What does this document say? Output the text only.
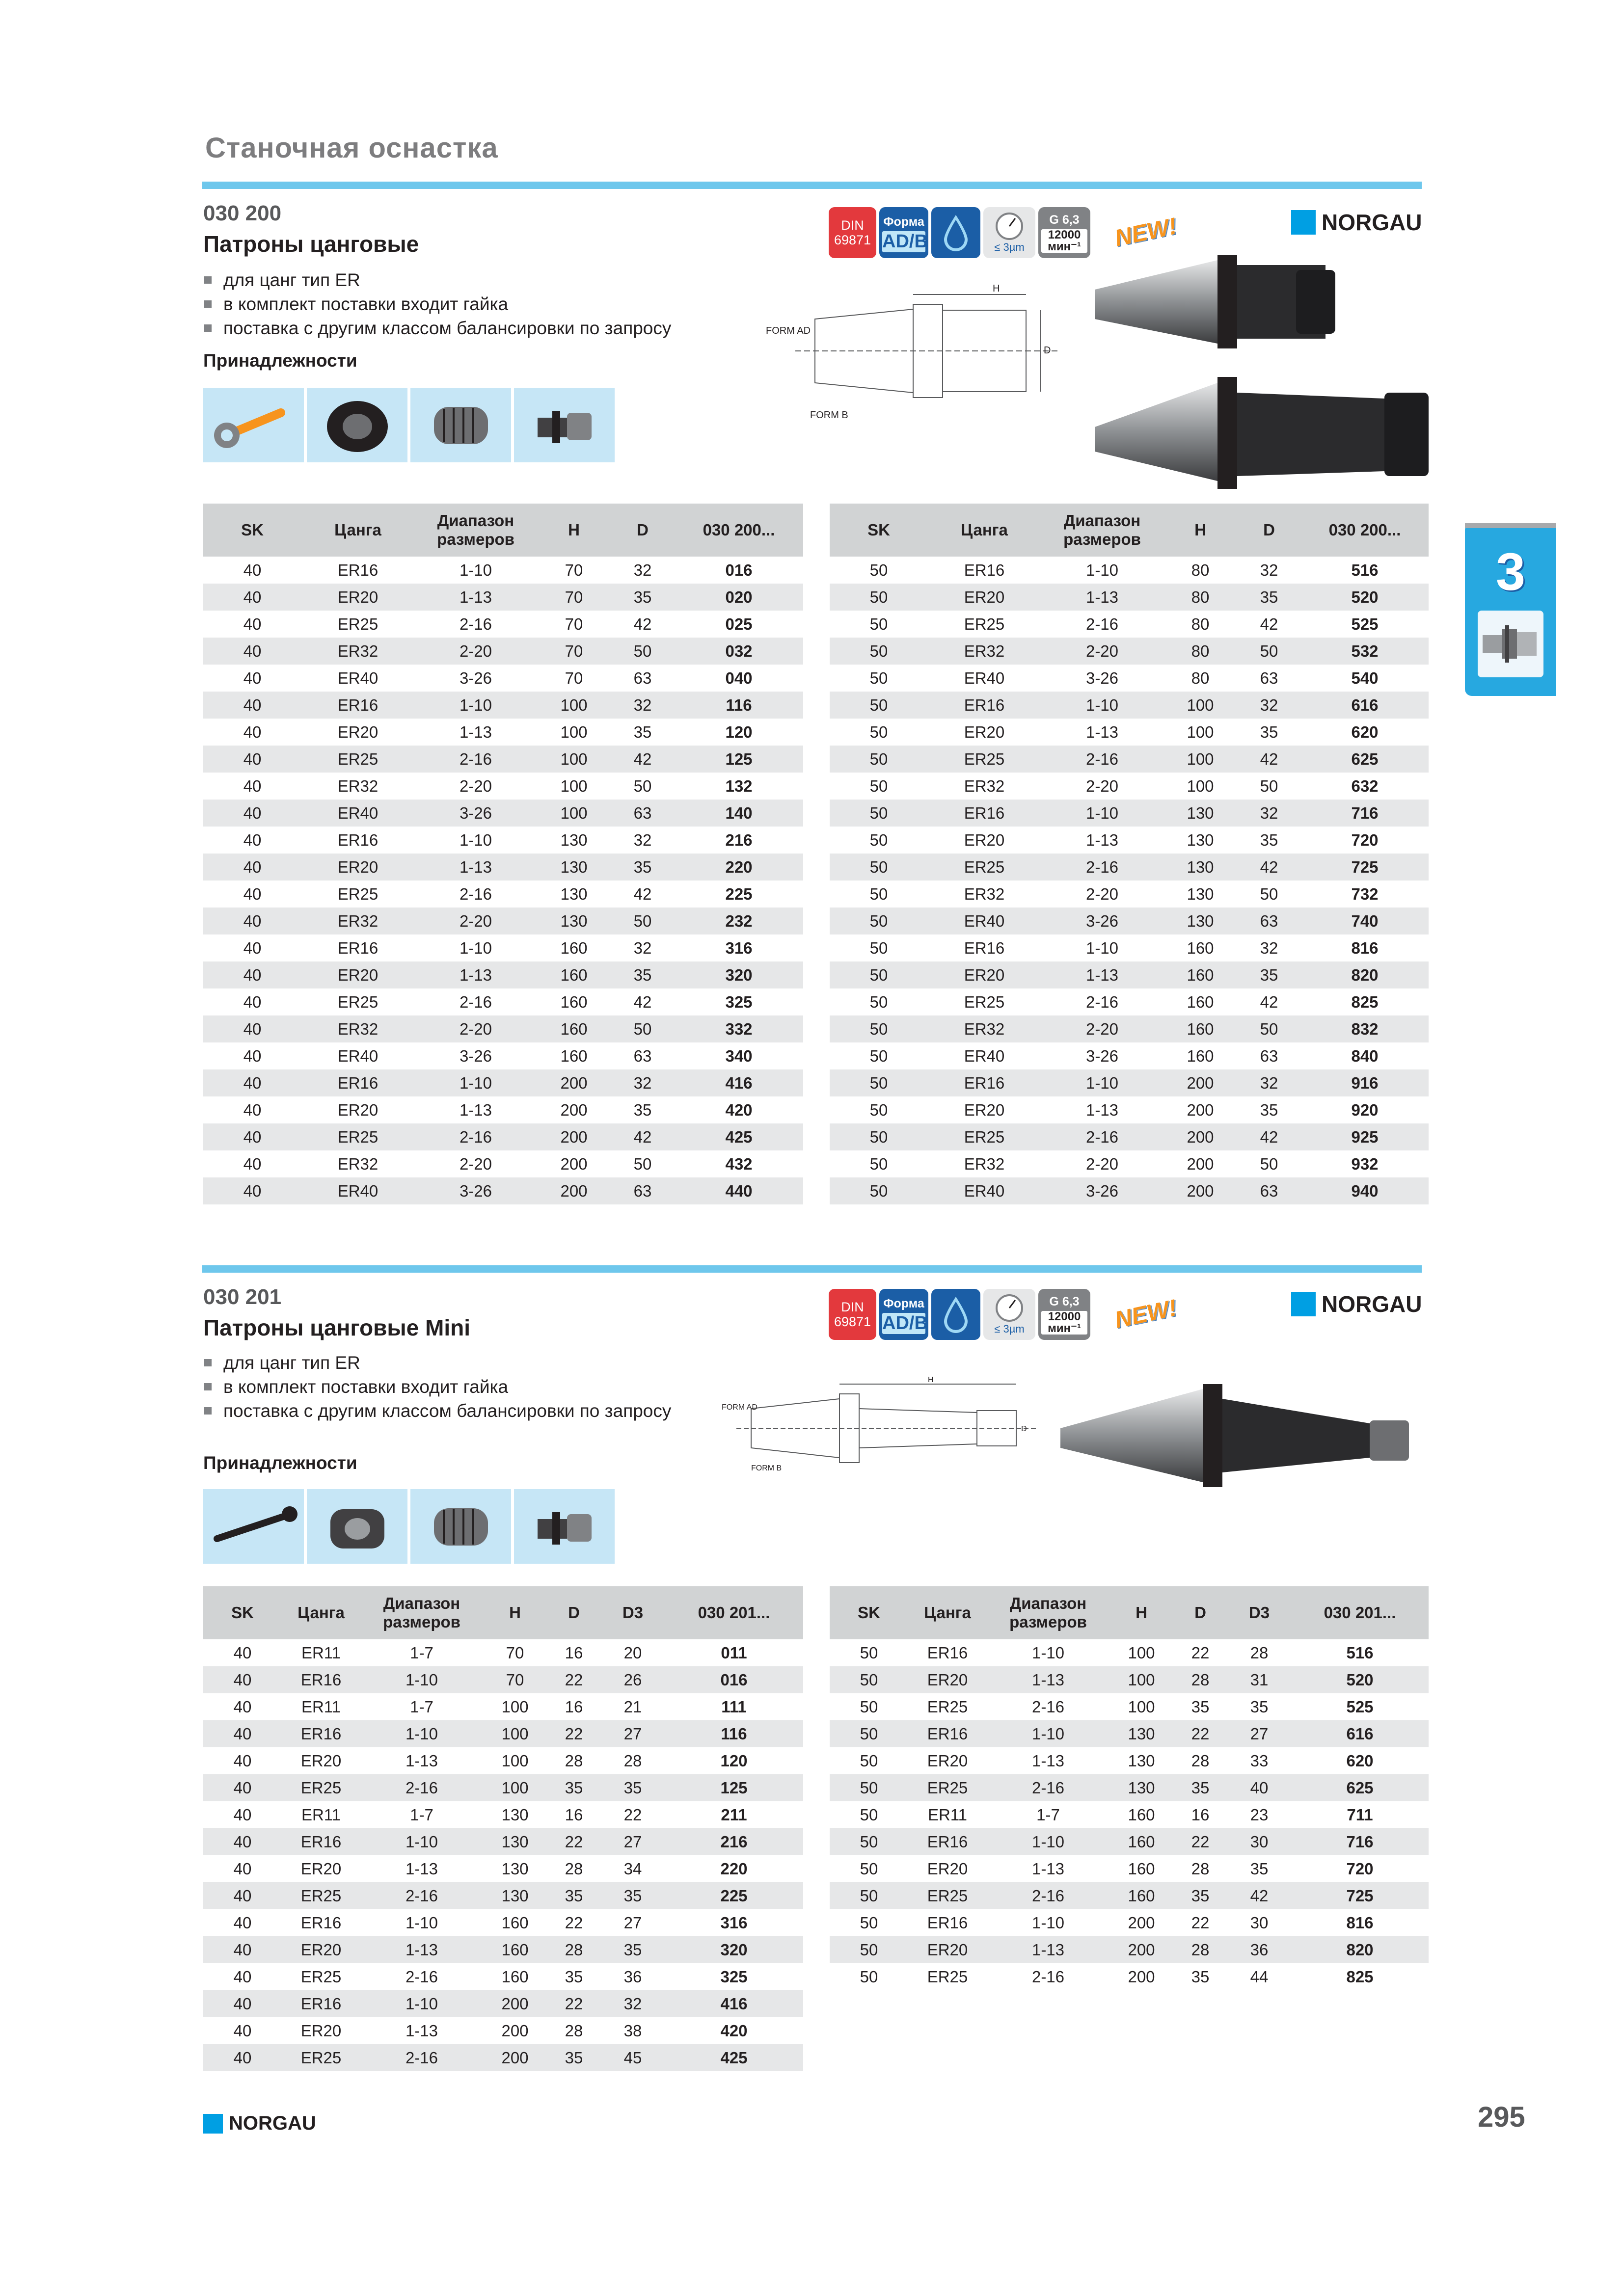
Станочная оснастка
3
030 200
Патроны цанговые
для цанг тип ER
в комплект поставки входит гайка
поставка с другим классом балансировки по запросу
Принадлежности
DIN
69871
Форма
AD/B	≤ 3µm
G 6,3
12000
мин⁻¹ NEW!	NORGAU
FORM AD
FORM B
H
D
SK	Цанга	Диапазон размеров	H	D	030 200...
40	ER16	1-10	70	32	016
40	ER20	1-13	70	35	020
40	ER25	2-16	70	42	025
40	ER32	2-20	70	50	032
40	ER40	3-26	70	63	040
40	ER16	1-10	100	32	116
40	ER20	1-13	100	35	120
40	ER25	2-16	100	42	125
40	ER32	2-20	100	50	132
40	ER40	3-26	100	63	140
40	ER16	1-10	130	32	216
40	ER20	1-13	130	35	220
40	ER25	2-16	130	42	225
40	ER32	2-20	130	50	232
40	ER16	1-10	160	32	316
40	ER20	1-13	160	35	320
40	ER25	2-16	160	42	325
40	ER32	2-20	160	50	332
40	ER40	3-26	160	63	340
40	ER16	1-10	200	32	416
40	ER20	1-13	200	35	420
40	ER25	2-16	200	42	425
40	ER32	2-20	200	50	432
40	ER40	3-26	200	63	440
SK	Цанга	Диапазон размеров	H	D	030 200...
50	ER16	1-10	80	32	516
50	ER20	1-13	80	35	520
50	ER25	2-16	80	42	525
50	ER32	2-20	80	50	532
50	ER40	3-26	80	63	540
50	ER16	1-10	100	32	616
50	ER20	1-13	100	35	620
50	ER25	2-16	100	42	625
50	ER32	2-20	100	50	632
50	ER16	1-10	130	32	716
50	ER20	1-13	130	35	720
50	ER25	2-16	130	42	725
50	ER32	2-20	130	50	732
50	ER40	3-26	130	63	740
50	ER16	1-10	160	32	816
50	ER20	1-13	160	35	820
50	ER25	2-16	160	42	825
50	ER32	2-20	160	50	832
50	ER40	3-26	160	63	840
50	ER16	1-10	200	32	916
50	ER20	1-13	200	35	920
50	ER25	2-16	200	42	925
50	ER32	2-20	200	50	932
50	ER40	3-26	200	63	940
030 201
Патроны цанговые Mini
для цанг тип ER
в комплект поставки входит гайка
поставка с другим классом балансировки по запросу
Принадлежности
DIN
69871
Форма
AD/B	≤ 3µm
G 6,3
12000
мин⁻¹ NEW!	NORGAU
FORM AD
FORM B
H
D
SK	Цанга	Диапазон размеров	H	D	D3	030 201...
40	ER11	1-7	70	16	20	011
40	ER16	1-10	70	22	26	016
40	ER11	1-7	100	16	21	111
40	ER16	1-10	100	22	27	116
40	ER20	1-13	100	28	28	120
40	ER25	2-16	100	35	35	125
40	ER11	1-7	130	16	22	211
40	ER16	1-10	130	22	27	216
40	ER20	1-13	130	28	34	220
40	ER25	2-16	130	35	35	225
40	ER16	1-10	160	22	27	316
40	ER20	1-13	160	28	35	320
40	ER25	2-16	160	35	36	325
40	ER16	1-10	200	22	32	416
40	ER20	1-13	200	28	38	420
40	ER25	2-16	200	35	45	425
SK	Цанга	Диапазон размеров	H	D	D3	030 201...
50	ER16	1-10	100	22	28	516
50	ER20	1-13	100	28	31	520
50	ER25	2-16	100	35	35	525
50	ER16	1-10	130	22	27	616
50	ER20	1-13	130	28	33	620
50	ER25	2-16	130	35	40	625
50	ER11	1-7	160	16	23	711
50	ER16	1-10	160	22	30	716
50	ER20	1-13	160	28	35	720
50	ER25	2-16	160	35	42	725
50	ER16	1-10	200	22	30	816
50	ER20	1-13	200	28	36	820
50	ER25	2-16	200	35	44	825
NORGAU	295
